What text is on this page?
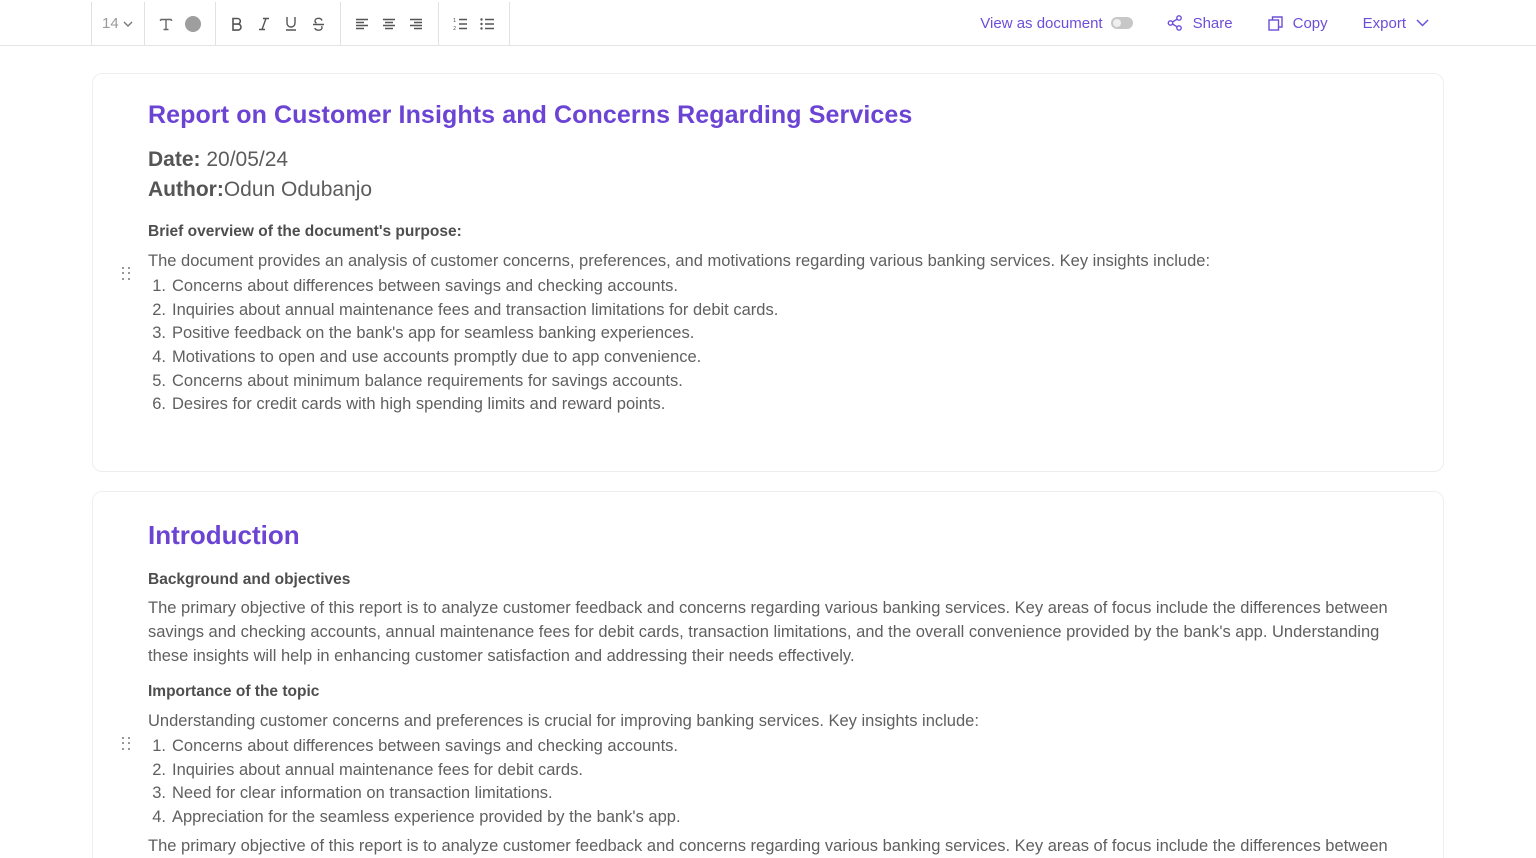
14	1
2	View as document	Share	Copy Export
Report on Customer Insights and Concerns Regarding Services
Date: 20/05/24
Author:Odun Odubanjo
Brief overview of the document's purpose:
The document provides an analysis of customer concerns, preferences, and motivations regarding various banking services. Key insights include:
1. Concerns about differences between savings and checking accounts.
2. Inquiries about annual maintenance fees and transaction limitations for debit cards.
3. Positive feedback on the bank's app for seamless banking experiences.
4. Motivations to open and use accounts promptly due to app convenience.
5. Concerns about minimum balance requirements for savings accounts.
6. Desires for credit cards with high spending limits and reward points.
Introduction
Background and objectives
The primary objective of this report is to analyze customer feedback and concerns regarding various banking services. Key areas of focus include the differences between savings and checking accounts, annual maintenance fees for debit cards, transaction limitations, and the overall convenience provided by the bank's app. Understanding these insights will help in enhancing customer satisfaction and addressing their needs effectively.
Importance of the topic
Understanding customer concerns and preferences is crucial for improving banking services. Key insights include:
1. Concerns about differences between savings and checking accounts.
2. Inquiries about annual maintenance fees for debit cards.
3. Need for clear information on transaction limitations.
4. Appreciation for the seamless experience provided by the bank's app.
The primary objective of this report is to analyze customer feedback and concerns regarding various banking services. Key areas of focus include the differences between
